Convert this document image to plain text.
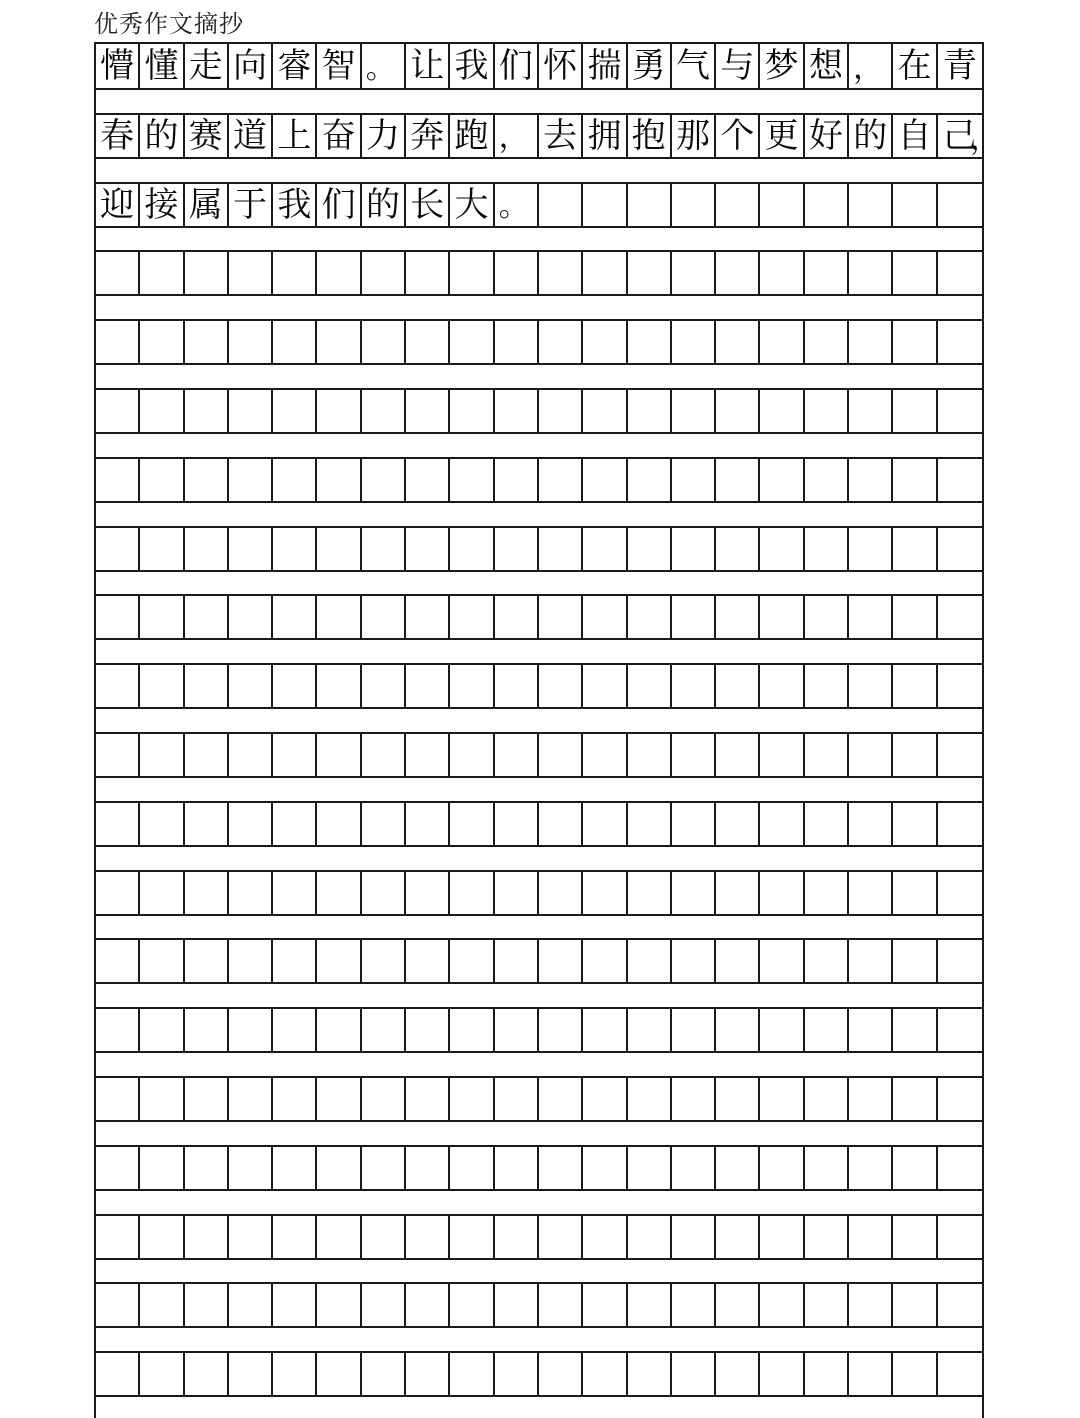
优秀作文摘抄
懵 懂 走 向 睿 智 。 让 我 们 怀 揣 勇 气 与 梦 想 ， 在 青
春 的 赛 道 上 奋 力 奔 跑 ， 去 拥 抱 那 个 更 好 的 自 己
，
迎 接 属 于 我 们 的 长 大 。
